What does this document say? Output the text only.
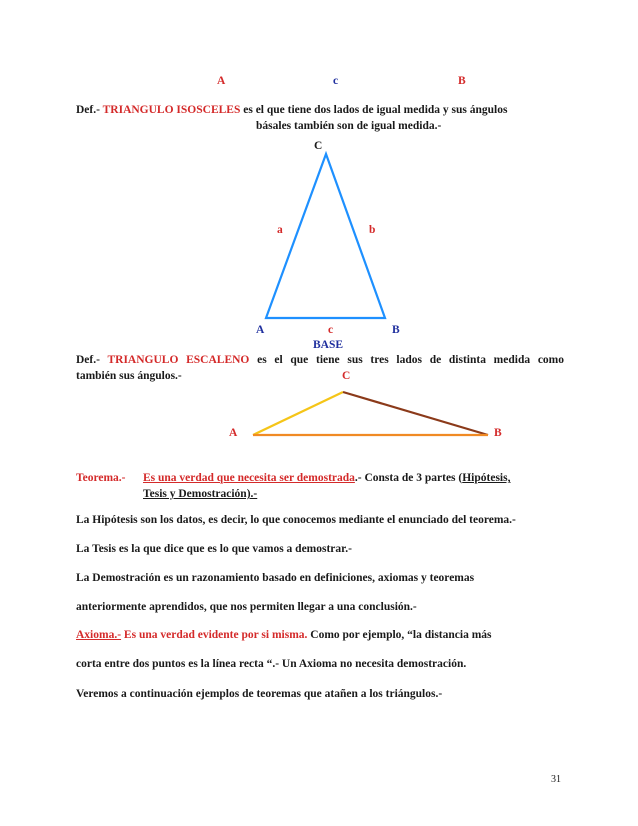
A	c	B
Def.- TRIANGULO ISOSCELES es el que tiene dos lados de igual medida y sus ángulos
básales también son de igual medida.-
C
a	b
A	c	B
BASE
Def.- TRIANGULO ESCALENO es el que tiene sus tres lados de distinta medida como
también sus ángulos.-	C
A	B
Teorema.- Es una verdad que necesita ser demostrada.- Consta de 3 partes (Hipótesis,
Tesis y Demostración).-
La Hipótesis son los datos, es decir, lo que conocemos mediante el enunciado del teorema.-
La Tesis es la que dice que es lo que vamos a demostrar.-
La Demostración es un razonamiento basado en definiciones, axiomas y teoremas
anteriormente aprendidos, que nos permiten llegar a una conclusión.-
Axioma.- Es una verdad evidente por si misma. Como por ejemplo, “la distancia más
corta entre dos puntos es la línea recta “.- Un Axioma no necesita demostración.
Veremos a continuación ejemplos de teoremas que atañen a los triángulos.-
31
